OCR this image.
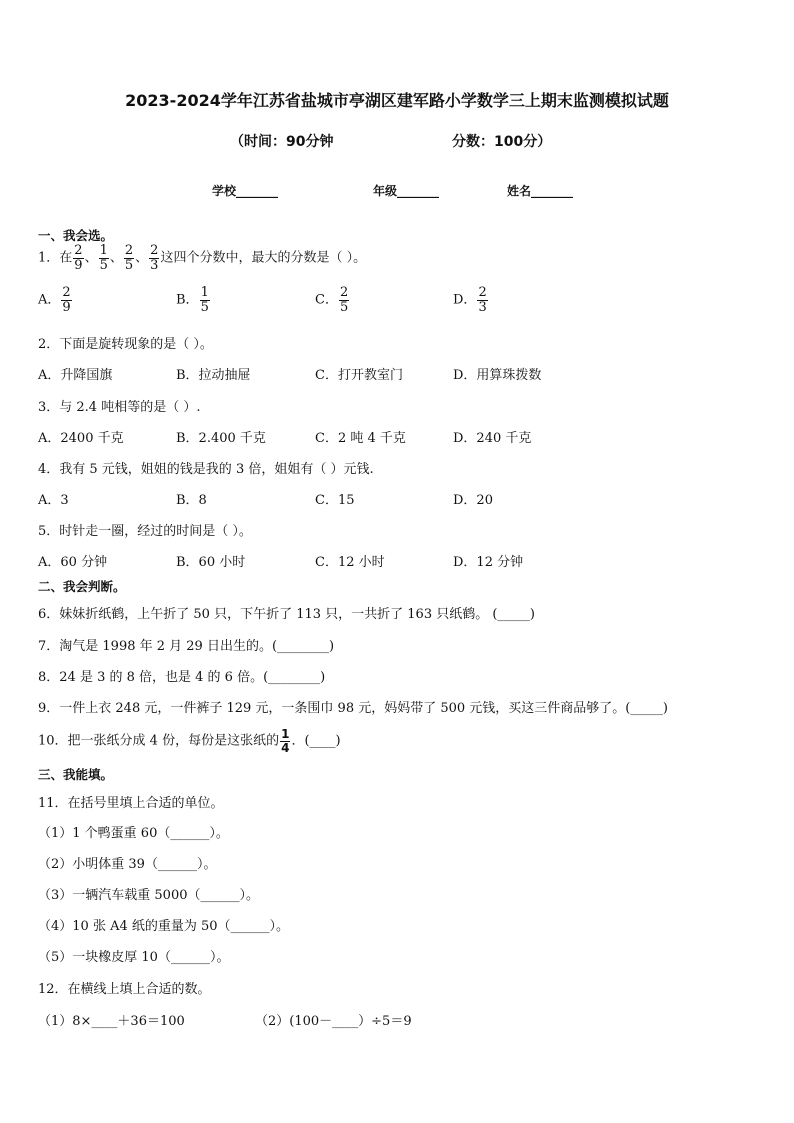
2023-2024学年江苏省盐城市亭湖区建军路小学数学三上期末监测模拟试题
（时间：90分钟	分数：100分）
学校_______	年级_______	姓名_______
一、我会选。
1．在 $\frac{2}{9}$ 、 $\frac{1}{5}$ 、 $\frac{2}{5}$ 、 $\frac{2}{3}$ 这四个分数中，最大的分数是（ ）。
A． $\frac{2}{9}$	B． $\frac{1}{5}$	C． $\frac{2}{5}$	D． $\frac{2}{3}$
2．下面是旋转现象的是（ ）。
A．升降国旗	B．拉动抽屉	C．打开教室门	D．用算珠拨数
3．与 2.4 吨相等的是（ ）.
A．2400 千克	B．2.400 千克	C．2 吨 4 千克	D．240 千克
4．我有 5 元钱，姐姐的钱是我的 3 倍，姐姐有（ ）元钱.
A．3	B．8	C．15	D．20
5．时针走一圈，经过的时间是（ ）。
A．60 分钟	B．60 小时	C．12 小时	D．12 分钟
二、我会判断。
6．妹妹折纸鹤，上午折了 50 只，下午折了 113 只，一共折了 163 只纸鹤。 (_____)
7．淘气是 1998 年 2 月 29 日出生的。(________)
8．24 是 3 的 8 倍，也是 4 的 6 倍。(________)
9．一件上衣 248 元，一件裤子 129 元，一条围巾 98 元，妈妈带了 500 元钱，买这三件商品够了。(_____)
10．把一张纸分成 4 份，每份是这张纸的 $\frac{1}{4}$ ．(____)
三、我能填。
11．在括号里填上合适的单位。
（1）1 个鸭蛋重 60（______）。
（2）小明体重 39（______）。
（3）一辆汽车载重 5000（______）。
（4）10 张 A4 纸的重量为 50（______）。
（5）一块橡皮厚 10（______）。
12．在横线上填上合适的数。
（1）8×____＋36＝100	（2）(100－____）÷5＝9
